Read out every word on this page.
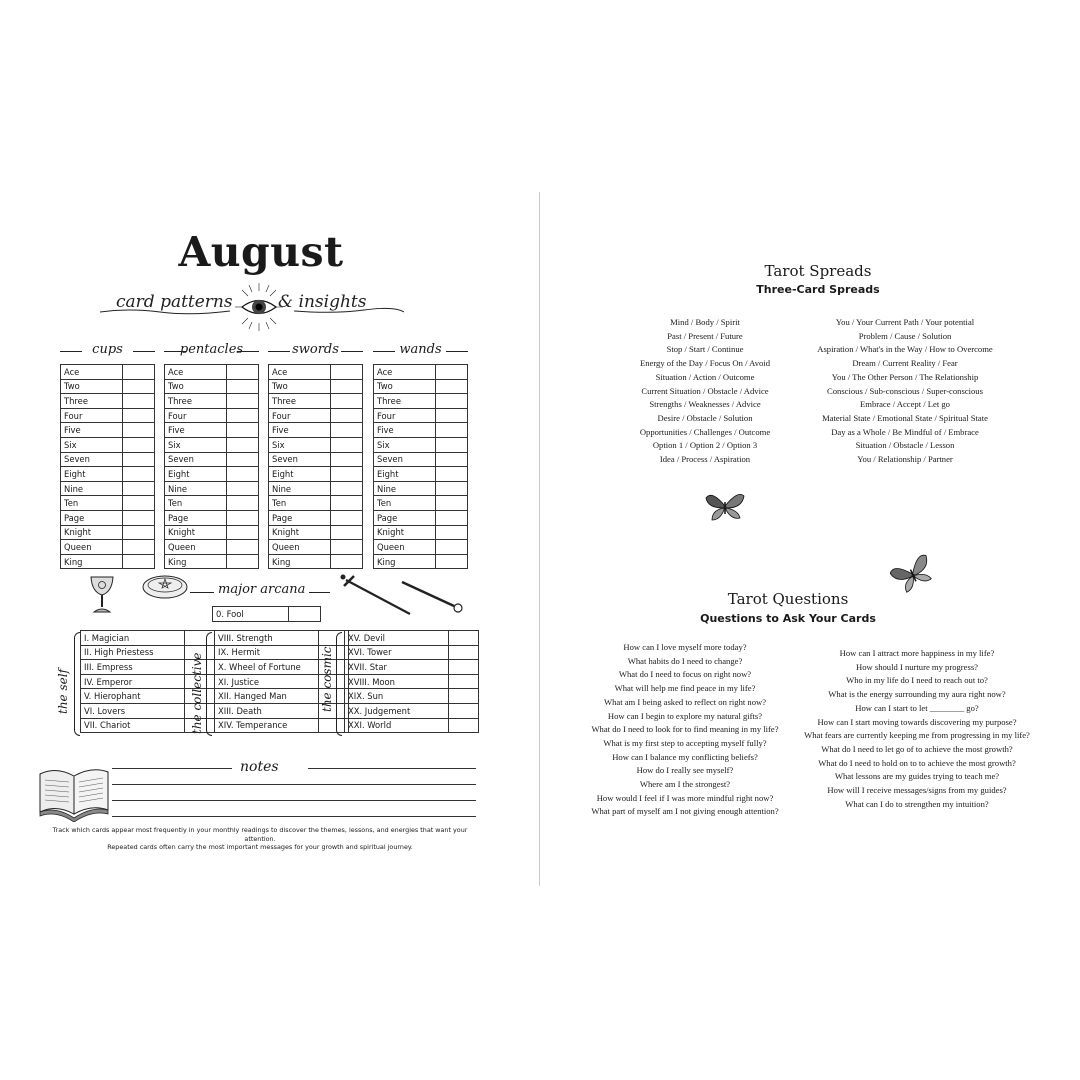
August
card patterns	& insights
cups	pentacles	swords	wands
Ace	
Two	
Three	
Four	
Five	
Six	
Seven	
Eight	
Nine	
Ten	
Page	
Knight	
Queen	
King	
Ace	
Two	
Three	
Four	
Five	
Six	
Seven	
Eight	
Nine	
Ten	
Page	
Knight	
Queen	
King	
Ace	
Two	
Three	
Four	
Five	
Six	
Seven	
Eight	
Nine	
Ten	
Page	
Knight	
Queen	
King	
Ace	
Two	
Three	
Four	
Five	
Six	
Seven	
Eight	
Nine	
Ten	
Page	
Knight	
Queen	
King	
major arcana
0. Fool	
the self
I. Magician	
II. High Priestess	
III. Empress	
IV. Emperor	
V. Hierophant	
VI. Lovers	
VII. Chariot		the collective
VIII. Strength	
IX. Hermit	
X. Wheel of Fortune	
XI. Justice	
XII. Hanged Man	
XIII. Death	
XIV. Temperance	
the cosmic
XV. Devil	
XVI. Tower	
XVII. Star	
XVIII. Moon	
XIX. Sun	
XX. Judgement	
XXI. World	
notes
Track which cards appear most frequently in your monthly readings to discover the themes, lessons, and energies that want your attention.
Repeated cards often carry the most important messages for your growth and spiritual journey.
Tarot Spreads
Three-Card Spreads
Mind / Body / Spirit
Past / Present / Future
Stop / Start / Continue
Energy of the Day / Focus On / Avoid
Situation / Action / Outcome
Current Situation / Obstacle / Advice
Strengths / Weaknesses / Advice
Desire / Obstacle / Solution
Opportunities / Challenges / Outcome
Option 1 / Option 2 / Option 3
Idea / Process / Aspiration
You / Your Current Path / Your potential
Problem / Cause / Solution
Aspiration / What's in the Way / How to Overcome
Dream / Current Reality / Fear
You / The Other Person / The Relationship
Conscious / Sub-conscious / Super-conscious
Embrace / Accept / Let go
Material State / Emotional State / Spiritual State
Day as a Whole / Be Mindful of / Embrace
Situation / Obstacle / Lesson
You / Relationship / Partner
Tarot Questions
Questions to Ask Your Cards
How can I love myself more today?
What habits do I need to change?
What do I need to focus on right now?
What will help me find peace in my life?
What am I being asked to reflect on right now?
How can I begin to explore my natural gifts?
What do I need to look for to find meaning in my life?
What is my first step to accepting myself fully?
How can I balance my conflicting beliefs?
How do I really see myself?
Where am I the strongest?
How would I feel if I was more mindful right now?
What part of myself am I not giving enough attention?
How can I attract more happiness in my life?
How should I nurture my progress?
Who in my life do I need to reach out to?
What is the energy surrounding my aura right now?
How can I start to let ________ go?
How can I start moving towards discovering my purpose?
What fears are currently keeping me from progressing in my life?
What do I need to let go of to achieve the most growth?
What do I need to hold on to to achieve the most growth?
What lessons are my guides trying to teach me?
How will I receive messages/signs from my guides?
What can I do to strengthen my intuition?
